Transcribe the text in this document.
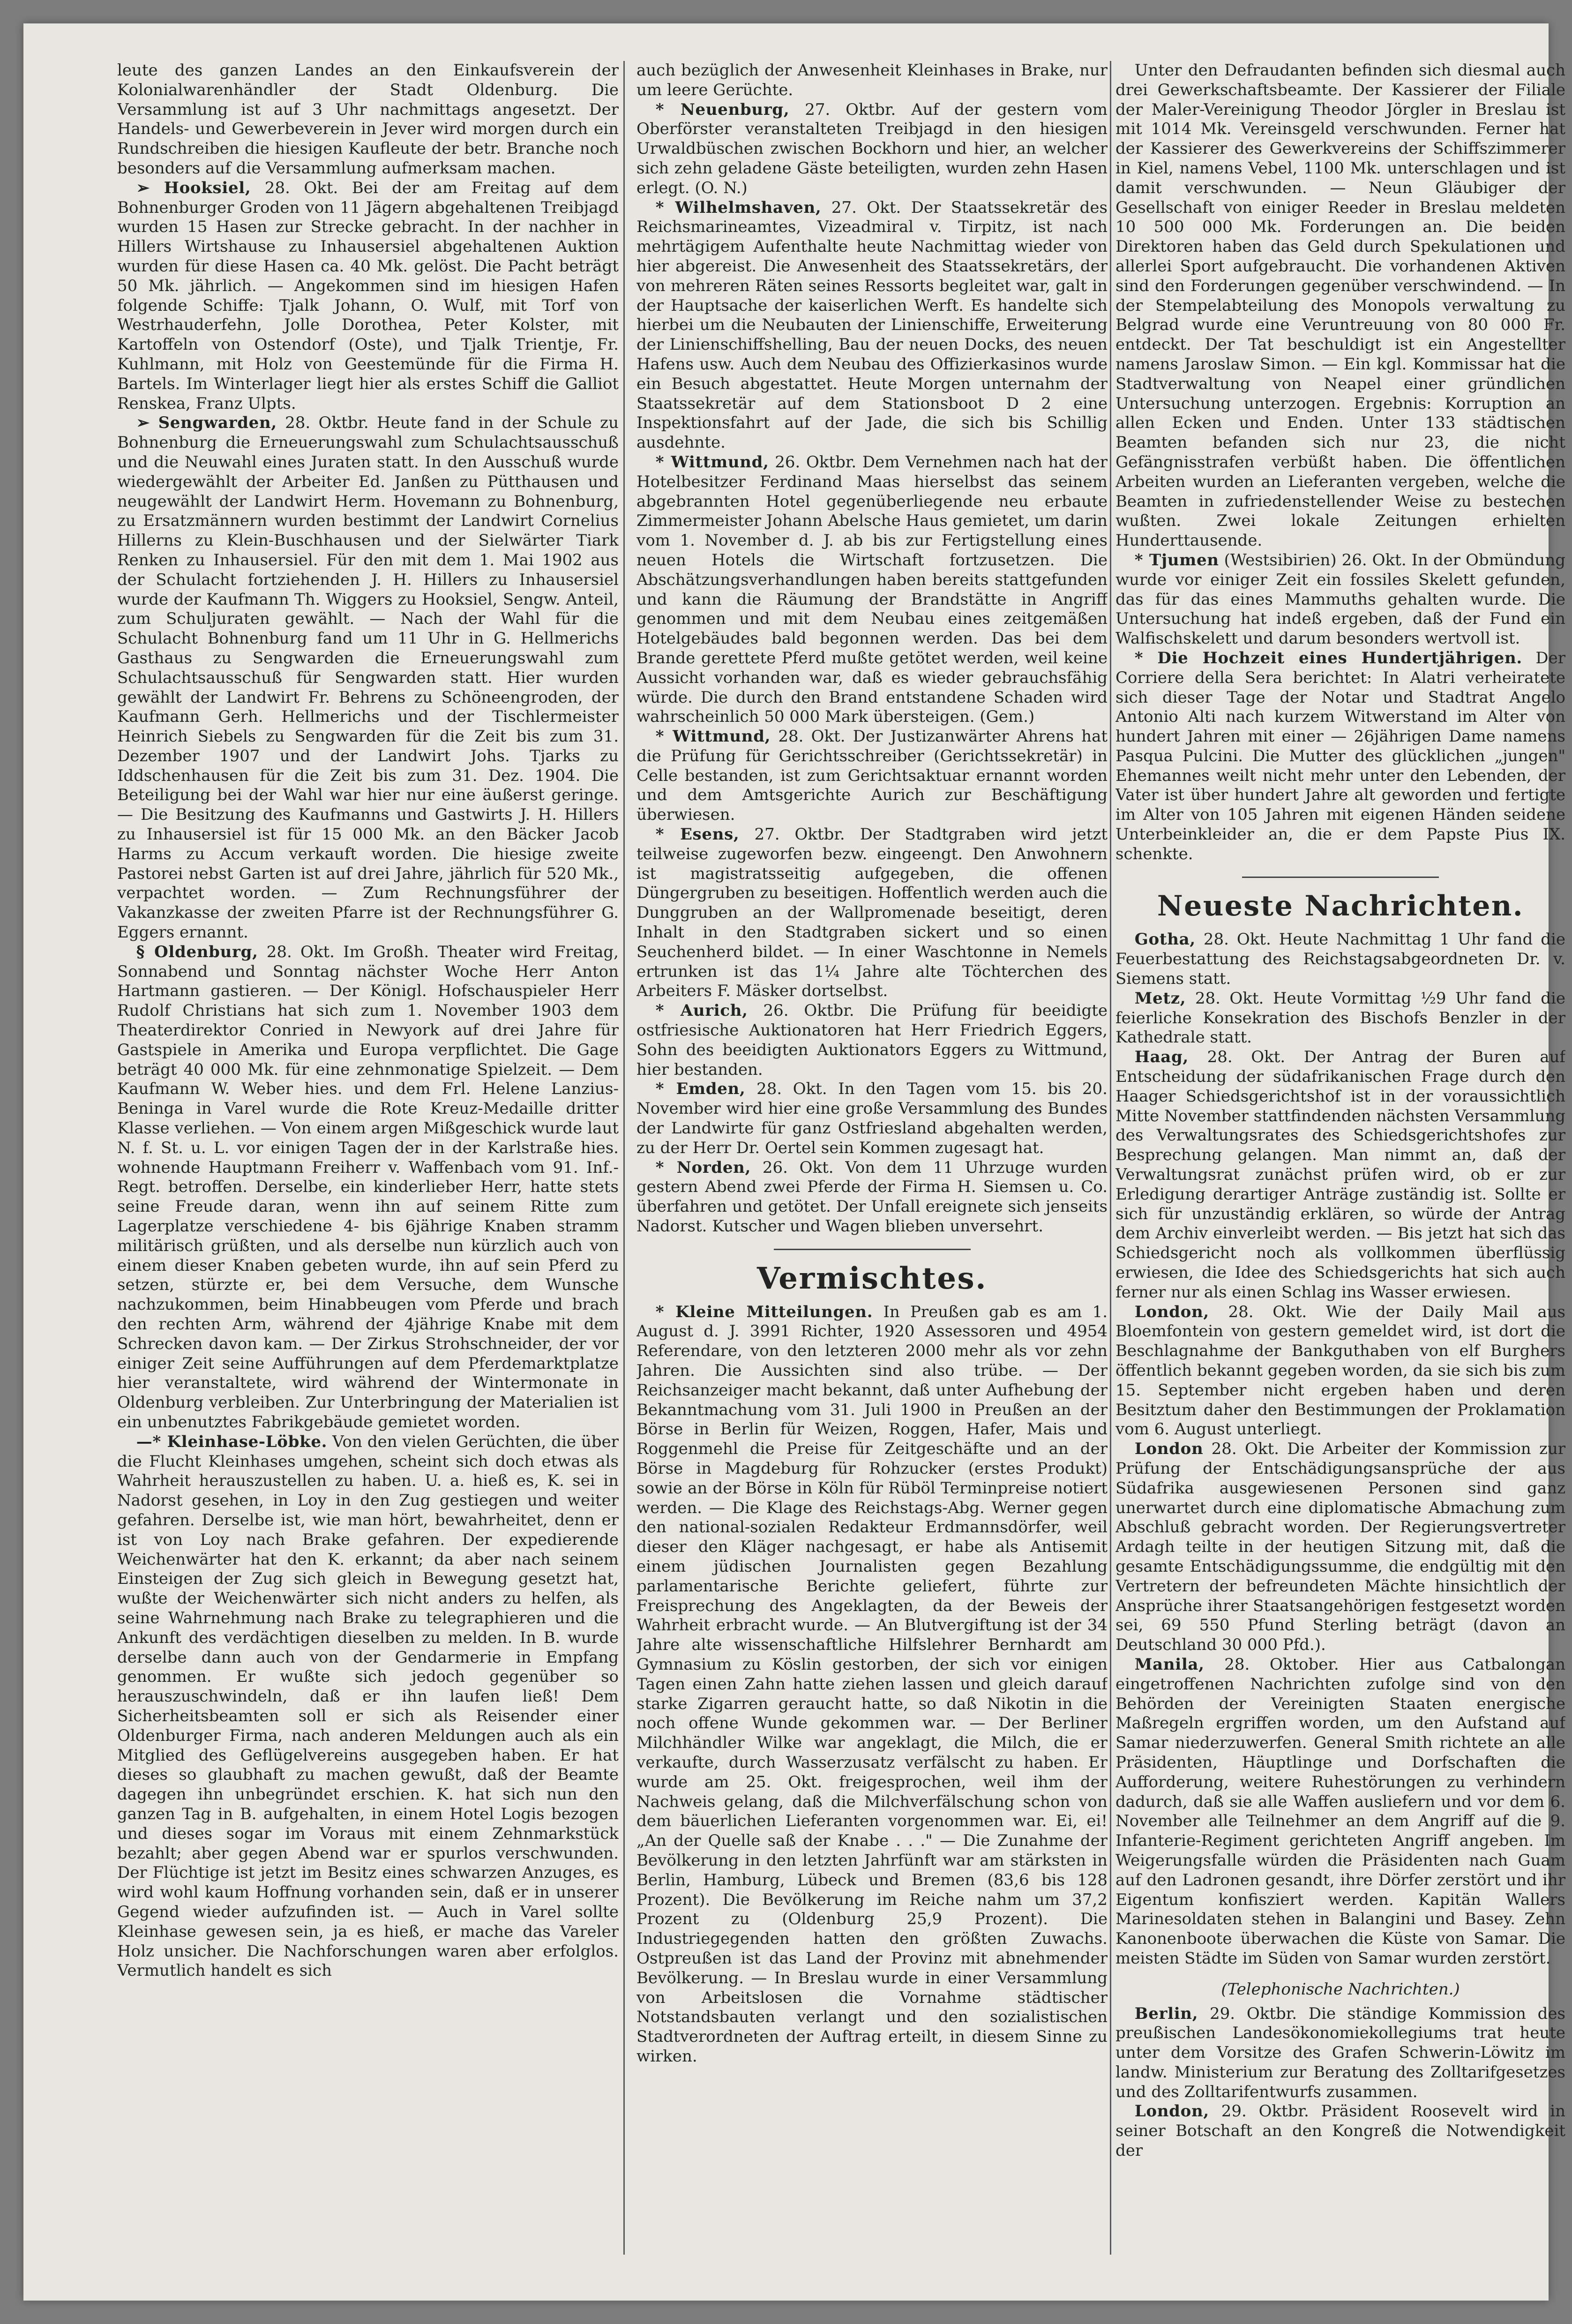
leute des ganzen Landes an den Einkaufsverein der Kolonialwarenhändler der Stadt Oldenburg. Die Versammlung ist auf 3 Uhr nachmittags angesetzt. Der Handels- und Gewerbeverein in Jever wird morgen durch ein Rundschreiben die hiesigen Kaufleute der betr. Branche noch besonders auf die Versammlung aufmerksam machen.

➢ Hooksiel, 28. Okt. Bei der am Freitag auf dem Bohnenburger Groden von 11 Jägern abgehaltenen Treibjagd wurden 15 Hasen zur Strecke gebracht. In der nachher in Hillers Wirtshause zu Inhausersiel abgehaltenen Auktion wurden für diese Hasen ca. 40 Mk. gelöst. Die Pacht beträgt 50 Mk. jährlich. — Angekommen sind im hiesigen Hafen folgende Schiffe: Tjalk Johann, O. Wulf, mit Torf von Westrhauderfehn, Jolle Dorothea, Peter Kolster, mit Kartoffeln von Ostendorf (Oste), und Tjalk Trientje, Fr. Kuhlmann, mit Holz von Geestemünde für die Firma H. Bartels. Im Winterlager liegt hier als erstes Schiff die Galliot Renskea, Franz Ulpts.

➢ Sengwarden, 28. Oktbr. Heute fand in der Schule zu Bohnenburg die Erneuerungswahl zum Schulachtsausschuß und die Neuwahl eines Juraten statt. In den Ausschuß wurde wiedergewählt der Arbeiter Ed. Janßen zu Pütthausen und neugewählt der Landwirt Herm. Hovemann zu Bohnenburg, zu Ersatzmännern wurden bestimmt der Landwirt Cornelius Hillerns zu Klein-Buschhausen und der Sielwärter Tiark Renken zu Inhausersiel. Für den mit dem 1. Mai 1902 aus der Schulacht fortziehenden J. H. Hillers zu Inhausersiel wurde der Kaufmann Th. Wiggers zu Hooksiel, Sengw. Anteil, zum Schuljuraten gewählt. — Nach der Wahl für die Schulacht Bohnenburg fand um 11 Uhr in G. Hellmerichs Gasthaus zu Sengwarden die Erneuerungswahl zum Schulachtsausschuß für Sengwarden statt. Hier wurden gewählt der Landwirt Fr. Behrens zu Schöneengroden, der Kaufmann Gerh. Hellmerichs und der Tischlermeister Heinrich Siebels zu Sengwarden für die Zeit bis zum 31. Dezember 1907 und der Landwirt Johs. Tjarks zu Iddschenhausen für die Zeit bis zum 31. Dez. 1904. Die Beteiligung bei der Wahl war hier nur eine äußerst geringe. — Die Besitzung des Kaufmanns und Gastwirts J. H. Hillers zu Inhausersiel ist für 15 000 Mk. an den Bäcker Jacob Harms zu Accum verkauft worden. Die hiesige zweite Pastorei nebst Garten ist auf drei Jahre, jährlich für 520 Mk., verpachtet worden. — Zum Rechnungsführer der Vakanzkasse der zweiten Pfarre ist der Rechnungsführer G. Eggers ernannt.

§ Oldenburg, 28. Okt. Im Großh. Theater wird Freitag, Sonnabend und Sonntag nächster Woche Herr Anton Hartmann gastieren. — Der Königl. Hofschauspieler Herr Rudolf Christians hat sich zum 1. November 1903 dem Theaterdirektor Conried in Newyork auf drei Jahre für Gastspiele in Amerika und Europa verpflichtet. Die Gage beträgt 40 000 Mk. für eine zehnmonatige Spielzeit. — Dem Kaufmann W. Weber hies. und dem Frl. Helene Lanzius-Beninga in Varel wurde die Rote Kreuz-Medaille dritter Klasse verliehen. — Von einem argen Mißgeschick wurde laut N. f. St. u. L. vor einigen Tagen der in der Karlstraße hies. wohnende Hauptmann Freiherr v. Waffenbach vom 91. Inf.-Regt. betroffen. Derselbe, ein kinderlieber Herr, hatte stets seine Freude daran, wenn ihn auf seinem Ritte zum Lagerplatze verschiedene 4- bis 6jährige Knaben stramm militärisch grüßten, und als derselbe nun kürzlich auch von einem dieser Knaben gebeten wurde, ihn auf sein Pferd zu setzen, stürzte er, bei dem Versuche, dem Wunsche nachzukommen, beim Hinabbeugen vom Pferde und brach den rechten Arm, während der 4jährige Knabe mit dem Schrecken davon kam. — Der Zirkus Strohschneider, der vor einiger Zeit seine Aufführungen auf dem Pferdemarktplatze hier veranstaltete, wird während der Wintermonate in Oldenburg verbleiben. Zur Unterbringung der Materialien ist ein unbenutztes Fabrikgebäude gemietet worden.

—* Kleinhase-Löbke. Von den vielen Gerüchten, die über die Flucht Kleinhases umgehen, scheint sich doch etwas als Wahrheit herauszustellen zu haben. U. a. hieß es, K. sei in Nadorst gesehen, in Loy in den Zug gestiegen und weiter gefahren. Derselbe ist, wie man hört, bewahrheitet, denn er ist von Loy nach Brake gefahren. Der expedierende Weichenwärter hat den K. erkannt; da aber nach seinem Einsteigen der Zug sich gleich in Bewegung gesetzt hat, wußte der Weichenwärter sich nicht anders zu helfen, als seine Wahrnehmung nach Brake zu telegraphieren und die Ankunft des verdächtigen dieselben zu melden. In B. wurde derselbe dann auch von der Gendarmerie in Empfang genommen. Er wußte sich jedoch gegenüber so herauszuschwindeln, daß er ihn laufen ließ! Dem Sicherheitsbeamten soll er sich als Reisender einer Oldenburger Firma, nach anderen Meldungen auch als ein Mitglied des Geflügelvereins ausgegeben haben. Er hat dieses so glaubhaft zu machen gewußt, daß der Beamte dagegen ihn unbegründet erschien. K. hat sich nun den ganzen Tag in B. aufgehalten, in einem Hotel Logis bezogen und dieses sogar im Voraus mit einem Zehnmarkstück bezahlt; aber gegen Abend war er spurlos verschwunden. Der Flüchtige ist jetzt im Besitz eines schwarzen Anzuges, es wird wohl kaum Hoffnung vorhanden sein, daß er in unserer Gegend wieder aufzufinden ist. — Auch in Varel sollte Kleinhase gewesen sein, ja es hieß, er mache das Vareler Holz unsicher. Die Nachforschungen waren aber erfolglos. Vermutlich handelt es sich

auch bezüglich der Anwesenheit Kleinhases in Brake, nur um leere Gerüchte.

* Neuenburg, 27. Oktbr. Auf der gestern vom Oberförster veranstalteten Treibjagd in den hiesigen Urwaldbüschen zwischen Bockhorn und hier, an welcher sich zehn geladene Gäste beteiligten, wurden zehn Hasen erlegt. (O. N.)

* Wilhelmshaven, 27. Okt. Der Staatssekretär des Reichsmarineamtes, Vizeadmiral v. Tirpitz, ist nach mehrtägigem Aufenthalte heute Nachmittag wieder von hier abgereist. Die Anwesenheit des Staatssekretärs, der von mehreren Räten seines Ressorts begleitet war, galt in der Hauptsache der kaiserlichen Werft. Es handelte sich hierbei um die Neubauten der Linienschiffe, Erweiterung der Linienschiffshelling, Bau der neuen Docks, des neuen Hafens usw. Auch dem Neubau des Offizierkasinos wurde ein Besuch abgestattet. Heute Morgen unternahm der Staatssekretär auf dem Stationsboot D 2 eine Inspektionsfahrt auf der Jade, die sich bis Schillig ausdehnte.

* Wittmund, 26. Oktbr. Dem Vernehmen nach hat der Hotelbesitzer Ferdinand Maas hierselbst das seinem abgebrannten Hotel gegenüberliegende neu erbaute Zimmermeister Johann Abelsche Haus gemietet, um darin vom 1. November d. J. ab bis zur Fertigstellung eines neuen Hotels die Wirtschaft fortzusetzen. Die Abschätzungsverhandlungen haben bereits stattgefunden und kann die Räumung der Brandstätte in Angriff genommen und mit dem Neubau eines zeitgemäßen Hotelgebäudes bald begonnen werden. Das bei dem Brande gerettete Pferd mußte getötet werden, weil keine Aussicht vorhanden war, daß es wieder gebrauchsfähig würde. Die durch den Brand entstandene Schaden wird wahrscheinlich 50 000 Mark übersteigen. (Gem.)

* Wittmund, 28. Okt. Der Justizanwärter Ahrens hat die Prüfung für Gerichtsschreiber (Gerichtssekretär) in Celle bestanden, ist zum Gerichtsaktuar ernannt worden und dem Amtsgerichte Aurich zur Beschäftigung überwiesen.

* Esens, 27. Oktbr. Der Stadtgraben wird jetzt teilweise zugeworfen bezw. eingeengt. Den Anwohnern ist magistratsseitig aufgegeben, die offenen Düngergruben zu beseitigen. Hoffentlich werden auch die Dunggruben an der Wallpromenade beseitigt, deren Inhalt in den Stadtgraben sickert und so einen Seuchenherd bildet. — In einer Waschtonne in Nemels ertrunken ist das 1¼ Jahre alte Töchterchen des Arbeiters F. Mäsker dortselbst.

* Aurich, 26. Oktbr. Die Prüfung für beeidigte ostfriesische Auktionatoren hat Herr Friedrich Eggers, Sohn des beeidigten Auktionators Eggers zu Wittmund, hier bestanden.

* Emden, 28. Okt. In den Tagen vom 15. bis 20. November wird hier eine große Versammlung des Bundes der Landwirte für ganz Ostfriesland abgehalten werden, zu der Herr Dr. Oertel sein Kommen zugesagt hat.

* Norden, 26. Okt. Von dem 11 Uhrzuge wurden gestern Abend zwei Pferde der Firma H. Siemsen u. Co. überfahren und getötet. Der Unfall ereignete sich jenseits Nadorst. Kutscher und Wagen blieben unversehrt.

Vermischtes.

* Kleine Mitteilungen. In Preußen gab es am 1. August d. J. 3991 Richter, 1920 Assessoren und 4954 Referendare, von den letzteren 2000 mehr als vor zehn Jahren. Die Aussichten sind also trübe. — Der Reichsanzeiger macht bekannt, daß unter Aufhebung der Bekanntmachung vom 31. Juli 1900 in Preußen an der Börse in Berlin für Weizen, Roggen, Hafer, Mais und Roggenmehl die Preise für Zeitgeschäfte und an der Börse in Magdeburg für Rohzucker (erstes Produkt) sowie an der Börse in Köln für Rüböl Terminpreise notiert werden. — Die Klage des Reichstags-Abg. Werner gegen den national-sozialen Redakteur Erdmannsdörfer, weil dieser den Kläger nachgesagt, er habe als Antisemit einem jüdischen Journalisten gegen Bezahlung parlamentarische Berichte geliefert, führte zur Freisprechung des Angeklagten, da der Beweis der Wahrheit erbracht wurde. — An Blutvergiftung ist der 34 Jahre alte wissenschaftliche Hilfslehrer Bernhardt am Gymnasium zu Köslin gestorben, der sich vor einigen Tagen einen Zahn hatte ziehen lassen und gleich darauf starke Zigarren geraucht hatte, so daß Nikotin in die noch offene Wunde gekommen war. — Der Berliner Milchhändler Wilke war angeklagt, die Milch, die er verkaufte, durch Wasserzusatz verfälscht zu haben. Er wurde am 25. Okt. freigesprochen, weil ihm der Nachweis gelang, daß die Milchverfälschung schon von dem bäuerlichen Lieferanten vorgenommen war. Ei, ei! „An der Quelle saß der Knabe . . ." — Die Zunahme der Bevölkerung in den letzten Jahrfünft war am stärksten in Berlin, Hamburg, Lübeck und Bremen (83,6 bis 128 Prozent). Die Bevölkerung im Reiche nahm um 37,2 Prozent zu (Oldenburg 25,9 Prozent). Die Industriegegenden hatten den größten Zuwachs. Ostpreußen ist das Land der Provinz mit abnehmender Bevölkerung. — In Breslau wurde in einer Versammlung von Arbeitslosen die Vornahme städtischer Notstandsbauten verlangt und den sozialistischen Stadtverordneten der Auftrag erteilt, in diesem Sinne zu wirken.

Unter den Defraudanten befinden sich diesmal auch drei Gewerkschaftsbeamte. Der Kassierer der Filiale der Maler-Vereinigung Theodor Jörgler in Breslau ist mit 1014 Mk. Vereinsgeld verschwunden. Ferner hat der Kassierer des Gewerkvereins der Schiffszimmerer in Kiel, namens Vebel, 1100 Mk. unterschlagen und ist damit verschwunden. — Neun Gläubiger der Gesellschaft von einiger Reeder in Breslau meldeten 10 500 000 Mk. Forderungen an. Die beiden Direktoren haben das Geld durch Spekulationen und allerlei Sport aufgebraucht. Die vorhandenen Aktiven sind den Forderungen gegenüber verschwindend. — In der Stempelabteilung des Monopols verwaltung zu Belgrad wurde eine Veruntreuung von 80 000 Fr. entdeckt. Der Tat beschuldigt ist ein Angestellter namens Jaroslaw Simon. — Ein kgl. Kommissar hat die Stadtverwaltung von Neapel einer gründlichen Untersuchung unterzogen. Ergebnis: Korruption an allen Ecken und Enden. Unter 133 städtischen Beamten befanden sich nur 23, die nicht Gefängnisstrafen verbüßt haben. Die öffentlichen Arbeiten wurden an Lieferanten vergeben, welche die Beamten in zufriedenstellender Weise zu bestechen wußten. Zwei lokale Zeitungen erhielten Hunderttausende.

* Tjumen (Westsibirien) 26. Okt. In der Obmündung wurde vor einiger Zeit ein fossiles Skelett gefunden, das für das eines Mammuths gehalten wurde. Die Untersuchung hat indeß ergeben, daß der Fund ein Walfischskelett und darum besonders wertvoll ist.

* Die Hochzeit eines Hundertjährigen. Der Corriere della Sera berichtet: In Alatri verheiratete sich dieser Tage der Notar und Stadtrat Angelo Antonio Alti nach kurzem Witwerstand im Alter von hundert Jahren mit einer — 26jährigen Dame namens Pasqua Pulcini. Die Mutter des glücklichen „jungen" Ehemannes weilt nicht mehr unter den Lebenden, der Vater ist über hundert Jahre alt geworden und fertigte im Alter von 105 Jahren mit eigenen Händen seidene Unterbeinkleider an, die er dem Papste Pius IX. schenkte.

Neueste Nachrichten.

Gotha, 28. Okt. Heute Nachmittag 1 Uhr fand die Feuerbestattung des Reichstagsabgeordneten Dr. v. Siemens statt.

Metz, 28. Okt. Heute Vormittag ½9 Uhr fand die feierliche Konsekration des Bischofs Benzler in der Kathedrale statt.

Haag, 28. Okt. Der Antrag der Buren auf Entscheidung der südafrikanischen Frage durch den Haager Schiedsgerichtshof ist in der voraussichtlich Mitte November stattfindenden nächsten Versammlung des Verwaltungsrates des Schiedsgerichtshofes zur Besprechung gelangen. Man nimmt an, daß der Verwaltungsrat zunächst prüfen wird, ob er zur Erledigung derartiger Anträge zuständig ist. Sollte er sich für unzuständig erklären, so würde der Antrag dem Archiv einverleibt werden. — Bis jetzt hat sich das Schiedsgericht noch als vollkommen überflüssig erwiesen, die Idee des Schiedsgerichts hat sich auch ferner nur als einen Schlag ins Wasser erwiesen.

London, 28. Okt. Wie der Daily Mail aus Bloemfontein von gestern gemeldet wird, ist dort die Beschlagnahme der Bankguthaben von elf Burghers öffentlich bekannt gegeben worden, da sie sich bis zum 15. September nicht ergeben haben und deren Besitztum daher den Bestimmungen der Proklamation vom 6. August unterliegt.

London 28. Okt. Die Arbeiter der Kommission zur Prüfung der Entschädigungsansprüche der aus Südafrika ausgewiesenen Personen sind ganz unerwartet durch eine diplomatische Abmachung zum Abschluß gebracht worden. Der Regierungsvertreter Ardagh teilte in der heutigen Sitzung mit, daß die gesamte Entschädigungssumme, die endgültig mit den Vertretern der befreundeten Mächte hinsichtlich der Ansprüche ihrer Staatsangehörigen festgesetzt worden sei, 69 550 Pfund Sterling beträgt (davon an Deutschland 30 000 Pfd.).

Manila, 28. Oktober. Hier aus Catbalongan eingetroffenen Nachrichten zufolge sind von den Behörden der Vereinigten Staaten energische Maßregeln ergriffen worden, um den Aufstand auf Samar niederzuwerfen. General Smith richtete an alle Präsidenten, Häuptlinge und Dorfschaften die Aufforderung, weitere Ruhestörungen zu verhindern dadurch, daß sie alle Waffen ausliefern und vor dem 6. November alle Teilnehmer an dem Angriff auf die 9. Infanterie-Regiment gerichteten Angriff angeben. Im Weigerungsfalle würden die Präsidenten nach Guam auf den Ladronen gesandt, ihre Dörfer zerstört und ihr Eigentum konfisziert werden. Kapitän Wallers Marinesoldaten stehen in Balangini und Basey. Zehn Kanonenboote überwachen die Küste von Samar. Die meisten Städte im Süden von Samar wurden zerstört.

(Telephonische Nachrichten.)

Berlin, 29. Oktbr. Die ständige Kommission des preußischen Landesökonomiekollegiums trat heute unter dem Vorsitze des Grafen Schwerin-Löwitz im landw. Ministerium zur Beratung des Zolltarifgesetzes und des Zolltarifentwurfs zusammen.

London, 29. Oktbr. Präsident Roosevelt wird in seiner Botschaft an den Kongreß die Notwendigkeit der
